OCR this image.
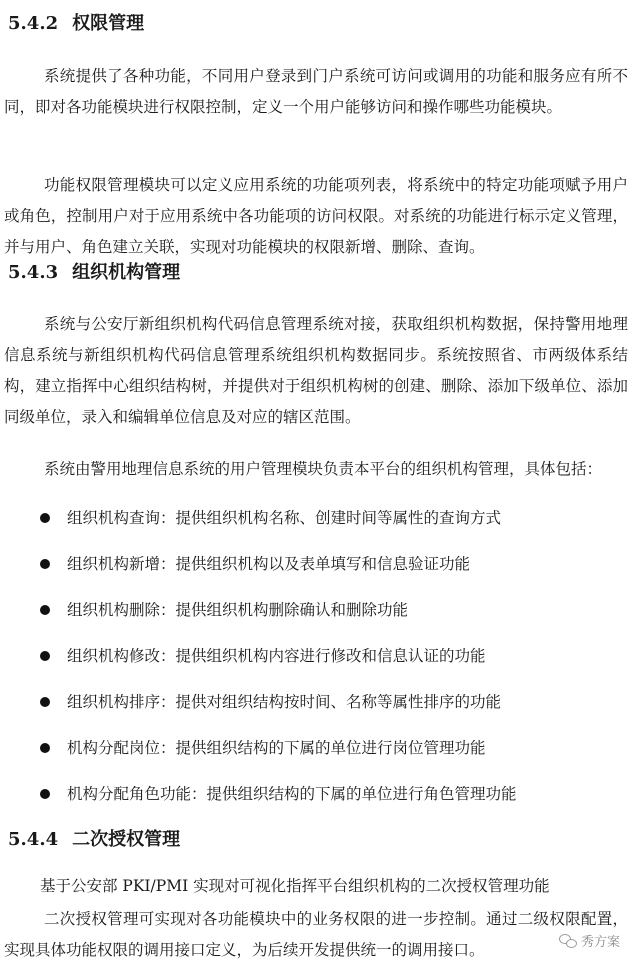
5.4.2 权限管理

系统提供了各种功能，不同用户登录到门户系统可访问或调用的功能和服务应有所不同，即对各功能模块进行权限控制，定义一个用户能够访问和操作哪些功能模块。

功能权限管理模块可以定义应用系统的功能项列表，将系统中的特定功能项赋予用户或角色，控制用户对于应用系统中各功能项的访问权限。对系统的功能进行标示定义管理，并与用户、角色建立关联，实现对功能模块的权限新增、删除、查询。

5.4.3 组织机构管理

系统与公安厅新组织机构代码信息管理系统对接，获取组织机构数据，保持警用地理信息系统与新组织机构代码信息管理系统组织机构数据同步。系统按照省、市两级体系结构，建立指挥中心组织结构树，并提供对于组织机构树的创建、删除、添加下级单位、添加同级单位，录入和编辑单位信息及对应的辖区范围。

系统由警用地理信息系统的用户管理模块负责本平台的组织机构管理，具体包括：

组织机构查询：提供组织机构名称、创建时间等属性的查询方式
组织机构新增：提供组织机构以及表单填写和信息验证功能
组织机构删除：提供组织机构删除确认和删除功能
组织机构修改：提供组织机构内容进行修改和信息认证的功能
组织机构排序：提供对组织结构按时间、名称等属性排序的功能
机构分配岗位：提供组织结构的下属的单位进行岗位管理功能
机构分配角色功能：提供组织结构的下属的单位进行角色管理功能
5.4.4 二次授权管理

基于公安部 PKI/PMI 实现对可视化指挥平台组织机构的二次授权管理功能

二次授权管理可实现对各功能模块中的业务权限的进一步控制。通过二级权限配置，实现具体功能权限的调用接口定义，为后续开发提供统一的调用接口。	秀方案
